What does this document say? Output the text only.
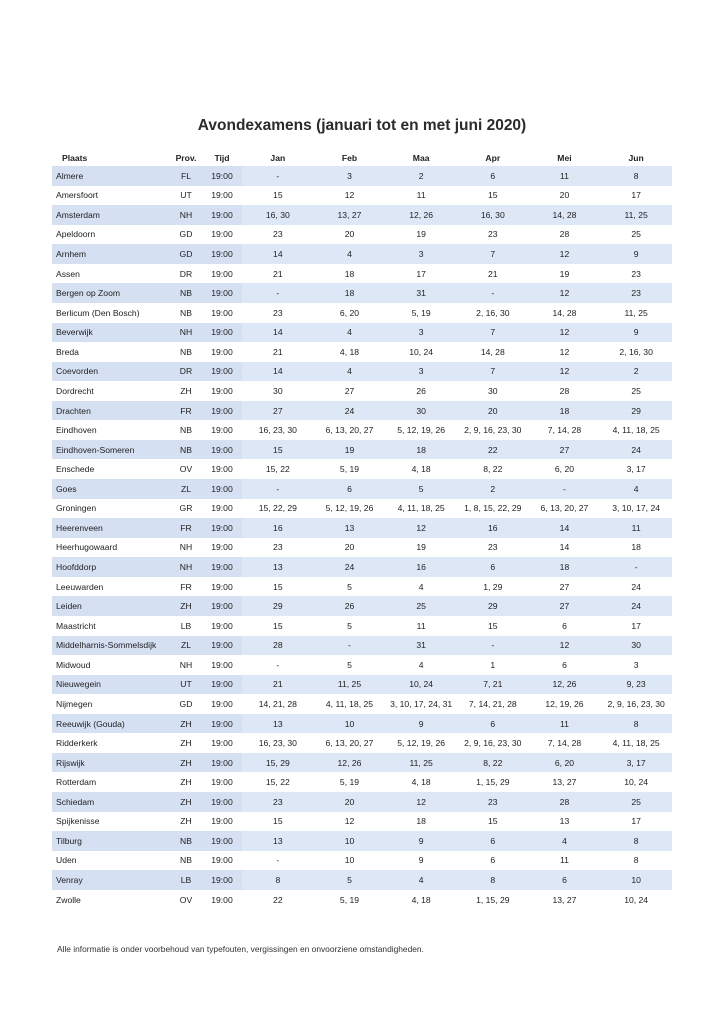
Avondexamens (januari tot en met juni 2020)
Plaats	Prov.	Tijd	Jan	Feb	Maa	Apr	Mei	Jun
Almere	FL	19:00	-	3	2	6	11	8
Amersfoort	UT	19:00	15	12	11	15	20	17
Amsterdam	NH	19:00	16, 30	13, 27	12, 26	16, 30	14, 28	11, 25
Apeldoorn	GD	19:00	23	20	19	23	28	25
Arnhem	GD	19:00	14	4	3	7	12	9
Assen	DR	19:00	21	18	17	21	19	23
Bergen op Zoom	NB	19:00	-	18	31	-	12	23
Berlicum (Den Bosch)	NB	19:00	23	6, 20	5, 19	2, 16, 30	14, 28	11, 25
Beverwijk	NH	19:00	14	4	3	7	12	9
Breda	NB	19:00	21	4, 18	10, 24	14, 28	12	2, 16, 30
Coevorden	DR	19:00	14	4	3	7	12	2
Dordrecht	ZH	19:00	30	27	26	30	28	25
Drachten	FR	19:00	27	24	30	20	18	29
Eindhoven	NB	19:00	16, 23, 30	6, 13, 20, 27	5, 12, 19, 26	2, 9, 16, 23, 30	7, 14, 28	4, 11, 18, 25
Eindhoven-Someren	NB	19:00	15	19	18	22	27	24
Enschede	OV	19:00	15, 22	5, 19	4, 18	8, 22	6, 20	3, 17
Goes	ZL	19:00	-	6	5	2	-	4
Groningen	GR	19:00	15, 22, 29	5, 12, 19, 26	4, 11, 18, 25	1, 8, 15, 22, 29	6, 13, 20, 27	3, 10, 17, 24
Heerenveen	FR	19:00	16	13	12	16	14	11
Heerhugowaard	NH	19:00	23	20	19	23	14	18
Hoofddorp	NH	19:00	13	24	16	6	18	-
Leeuwarden	FR	19:00	15	5	4	1, 29	27	24
Leiden	ZH	19:00	29	26	25	29	27	24
Maastricht	LB	19:00	15	5	11	15	6	17
Middelharnis-Sommelsdijk	ZL	19:00	28	-	31	-	12	30
Midwoud	NH	19:00	-	5	4	1	6	3
Nieuwegein	UT	19:00	21	11, 25	10, 24	7, 21	12, 26	9, 23
Nijmegen	GD	19:00	14, 21, 28	4, 11, 18, 25	3, 10, 17, 24, 31	7, 14, 21, 28	12, 19, 26	2, 9, 16, 23, 30
Reeuwijk (Gouda)	ZH	19:00	13	10	9	6	11	8
Ridderkerk	ZH	19:00	16, 23, 30	6, 13, 20, 27	5, 12, 19, 26	2, 9, 16, 23, 30	7, 14, 28	4, 11, 18, 25
Rijswijk	ZH	19:00	15, 29	12, 26	11, 25	8, 22	6, 20	3, 17
Rotterdam	ZH	19:00	15, 22	5, 19	4, 18	1, 15, 29	13, 27	10, 24
Schiedam	ZH	19:00	23	20	12	23	28	25
Spijkenisse	ZH	19:00	15	12	18	15	13	17
Tilburg	NB	19:00	13	10	9	6	4	8
Uden	NB	19:00	-	10	9	6	11	8
Venray	LB	19:00	8	5	4	8	6	10
Zwolle	OV	19:00	22	5, 19	4, 18	1, 15, 29	13, 27	10, 24
Alle informatie is onder voorbehoud van typefouten, vergissingen en onvoorziene omstandigheden.
